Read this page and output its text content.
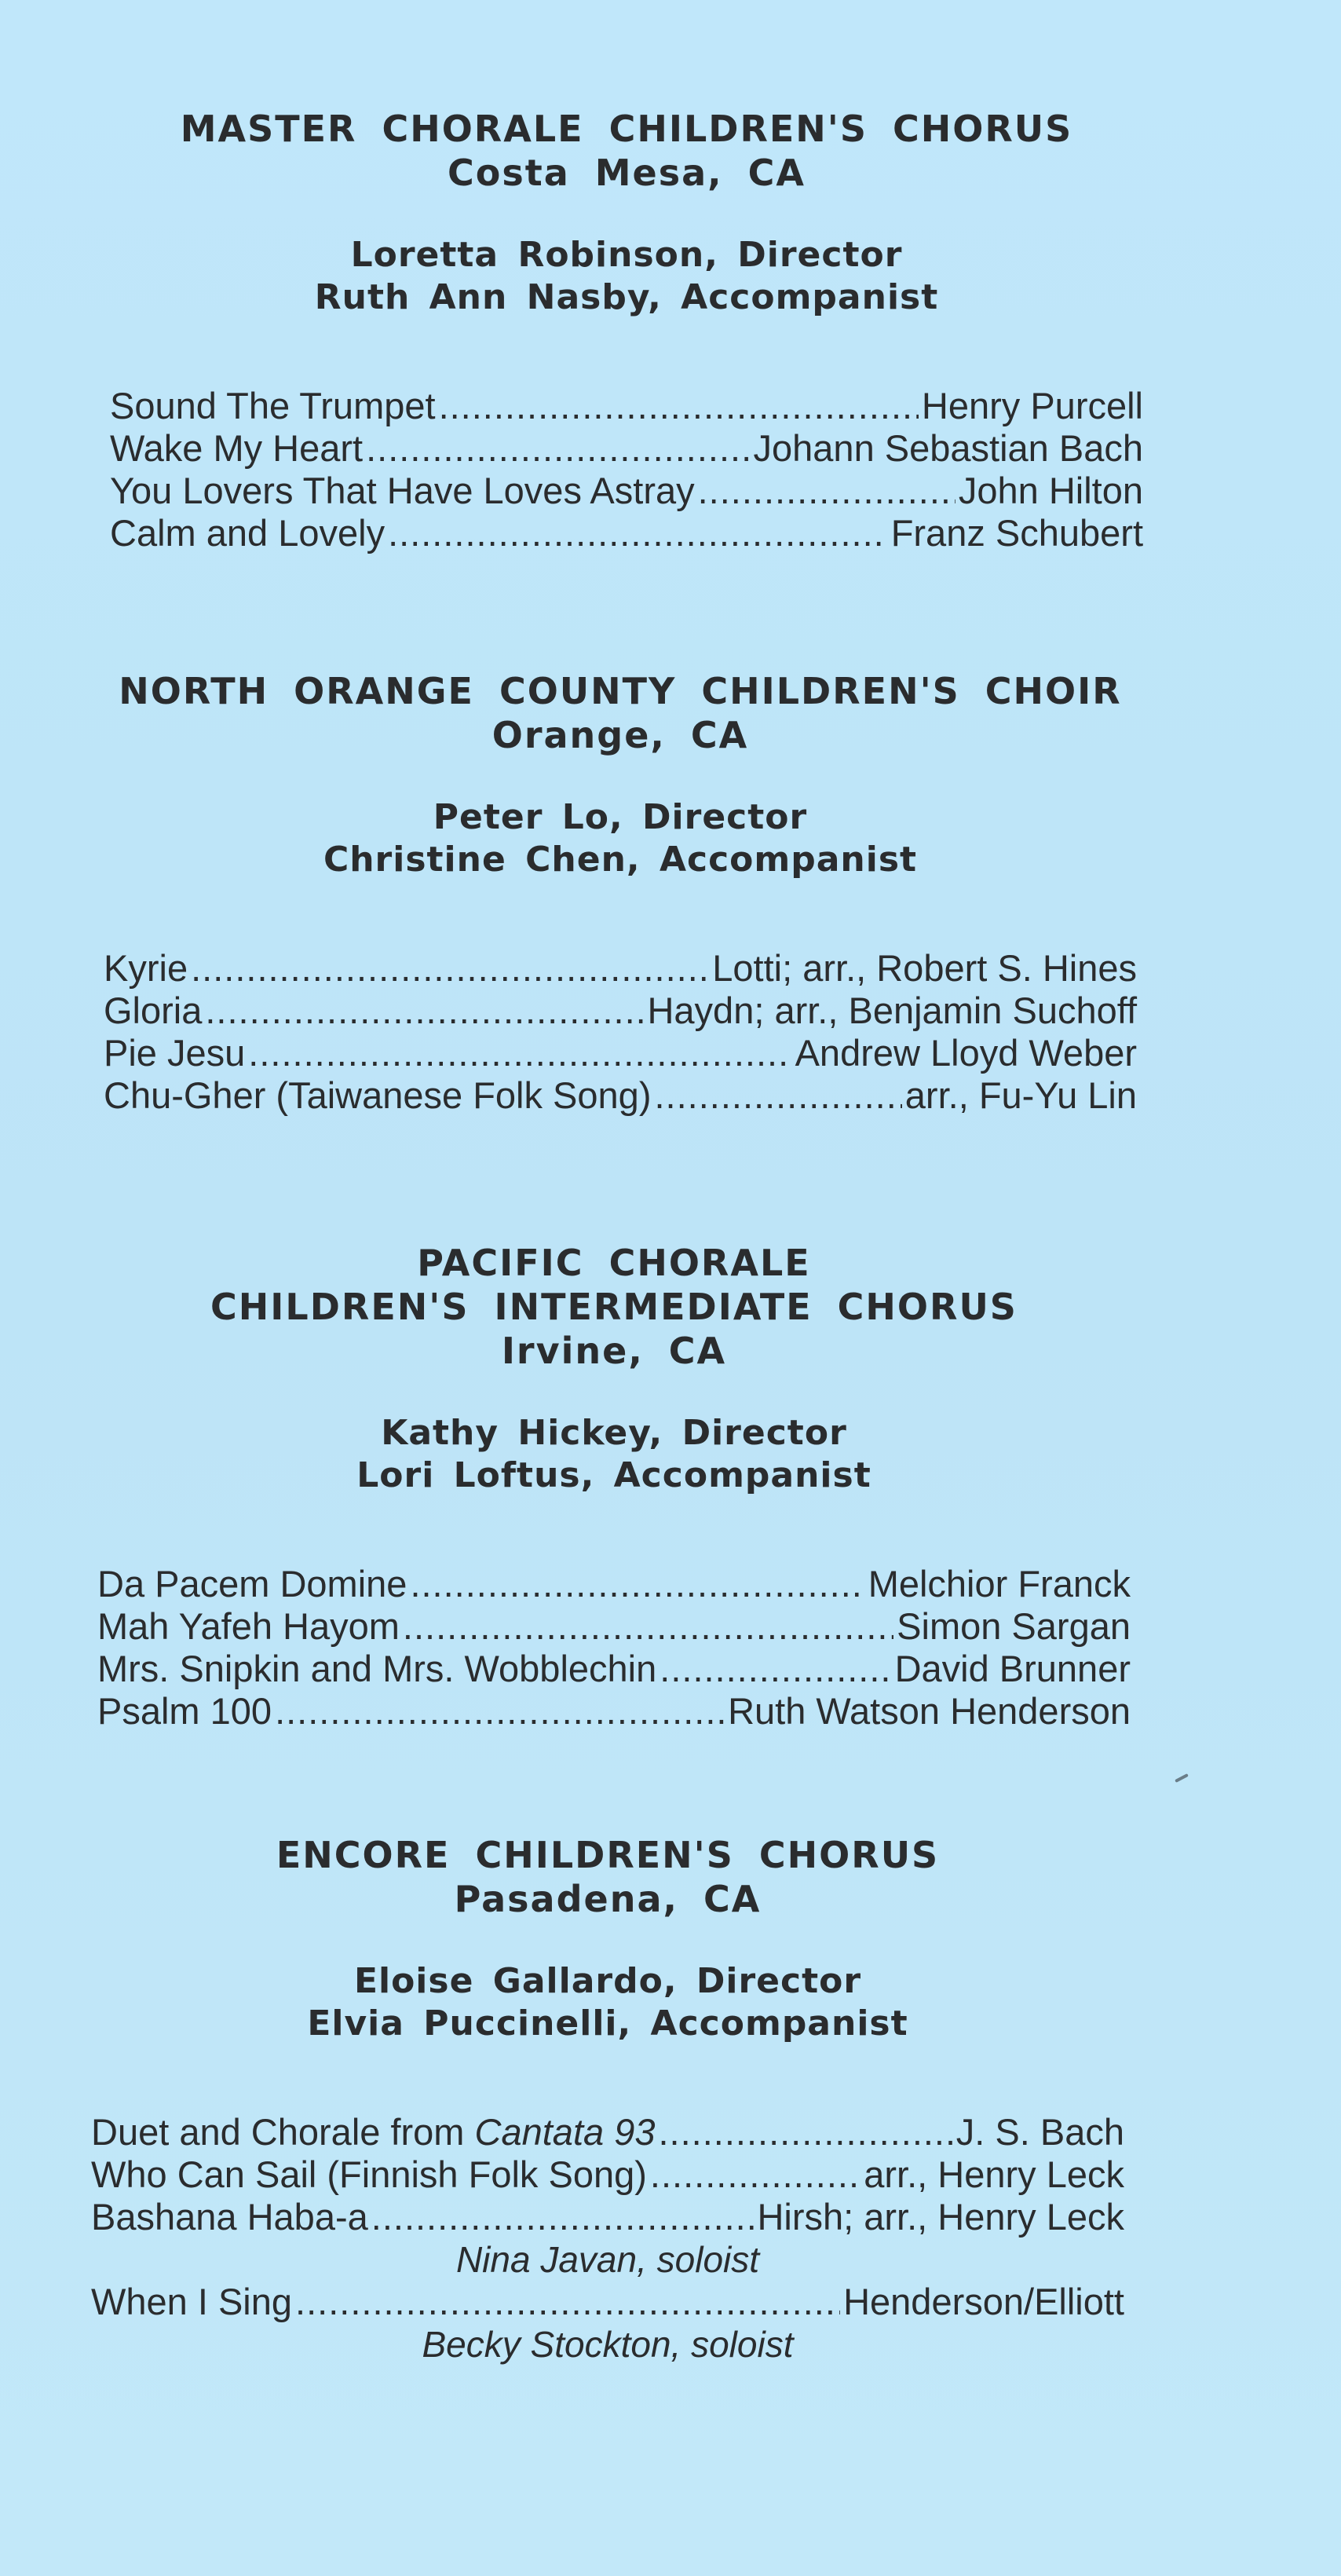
MASTER CHORALE CHILDREN'S CHORUS

Costa Mesa, CA

Loretta Robinson, Director

Ruth Ann Nasby, Accompanist

Sound The Trumpet .....	Henry Purcell
Wake My Heart .....	Johann Sebastian Bach
You Lovers That Have Loves Astray .....	John Hilton
Calm and Lovely .....	Franz Schubert

NORTH ORANGE COUNTY CHILDREN'S CHOIR

Orange, CA

Peter Lo, Director

Christine Chen, Accompanist

Kyrie .....	Lotti; arr., Robert S. Hines
Gloria .....	Haydn; arr., Benjamin Suchoff
Pie Jesu .....	Andrew Lloyd Weber
Chu-Gher (Taiwanese Folk Song) .....	arr., Fu-Yu Lin

PACIFIC CHORALE

CHILDREN'S INTERMEDIATE CHORUS

Irvine, CA

Kathy Hickey, Director

Lori Loftus, Accompanist

Da Pacem Domine .....	Melchior Franck
Mah Yafeh Hayom .....	Simon Sargan
Mrs. Snipkin and Mrs. Wobblechin .....	David Brunner
Psalm 100 .....	Ruth Watson Henderson

ENCORE CHILDREN'S CHORUS

Pasadena, CA

Eloise Gallardo, Director

Elvia Puccinelli, Accompanist

Duet and Chorale from Cantata 93 .....	J. S. Bach
Who Can Sail (Finnish Folk Song) .....	arr., Henry Leck
Bashana Haba-a .....	Hirsh; arr., Henry Leck
Nina Javan, soloist
When I Sing .....	Henderson/Elliott
Becky Stockton, soloist
